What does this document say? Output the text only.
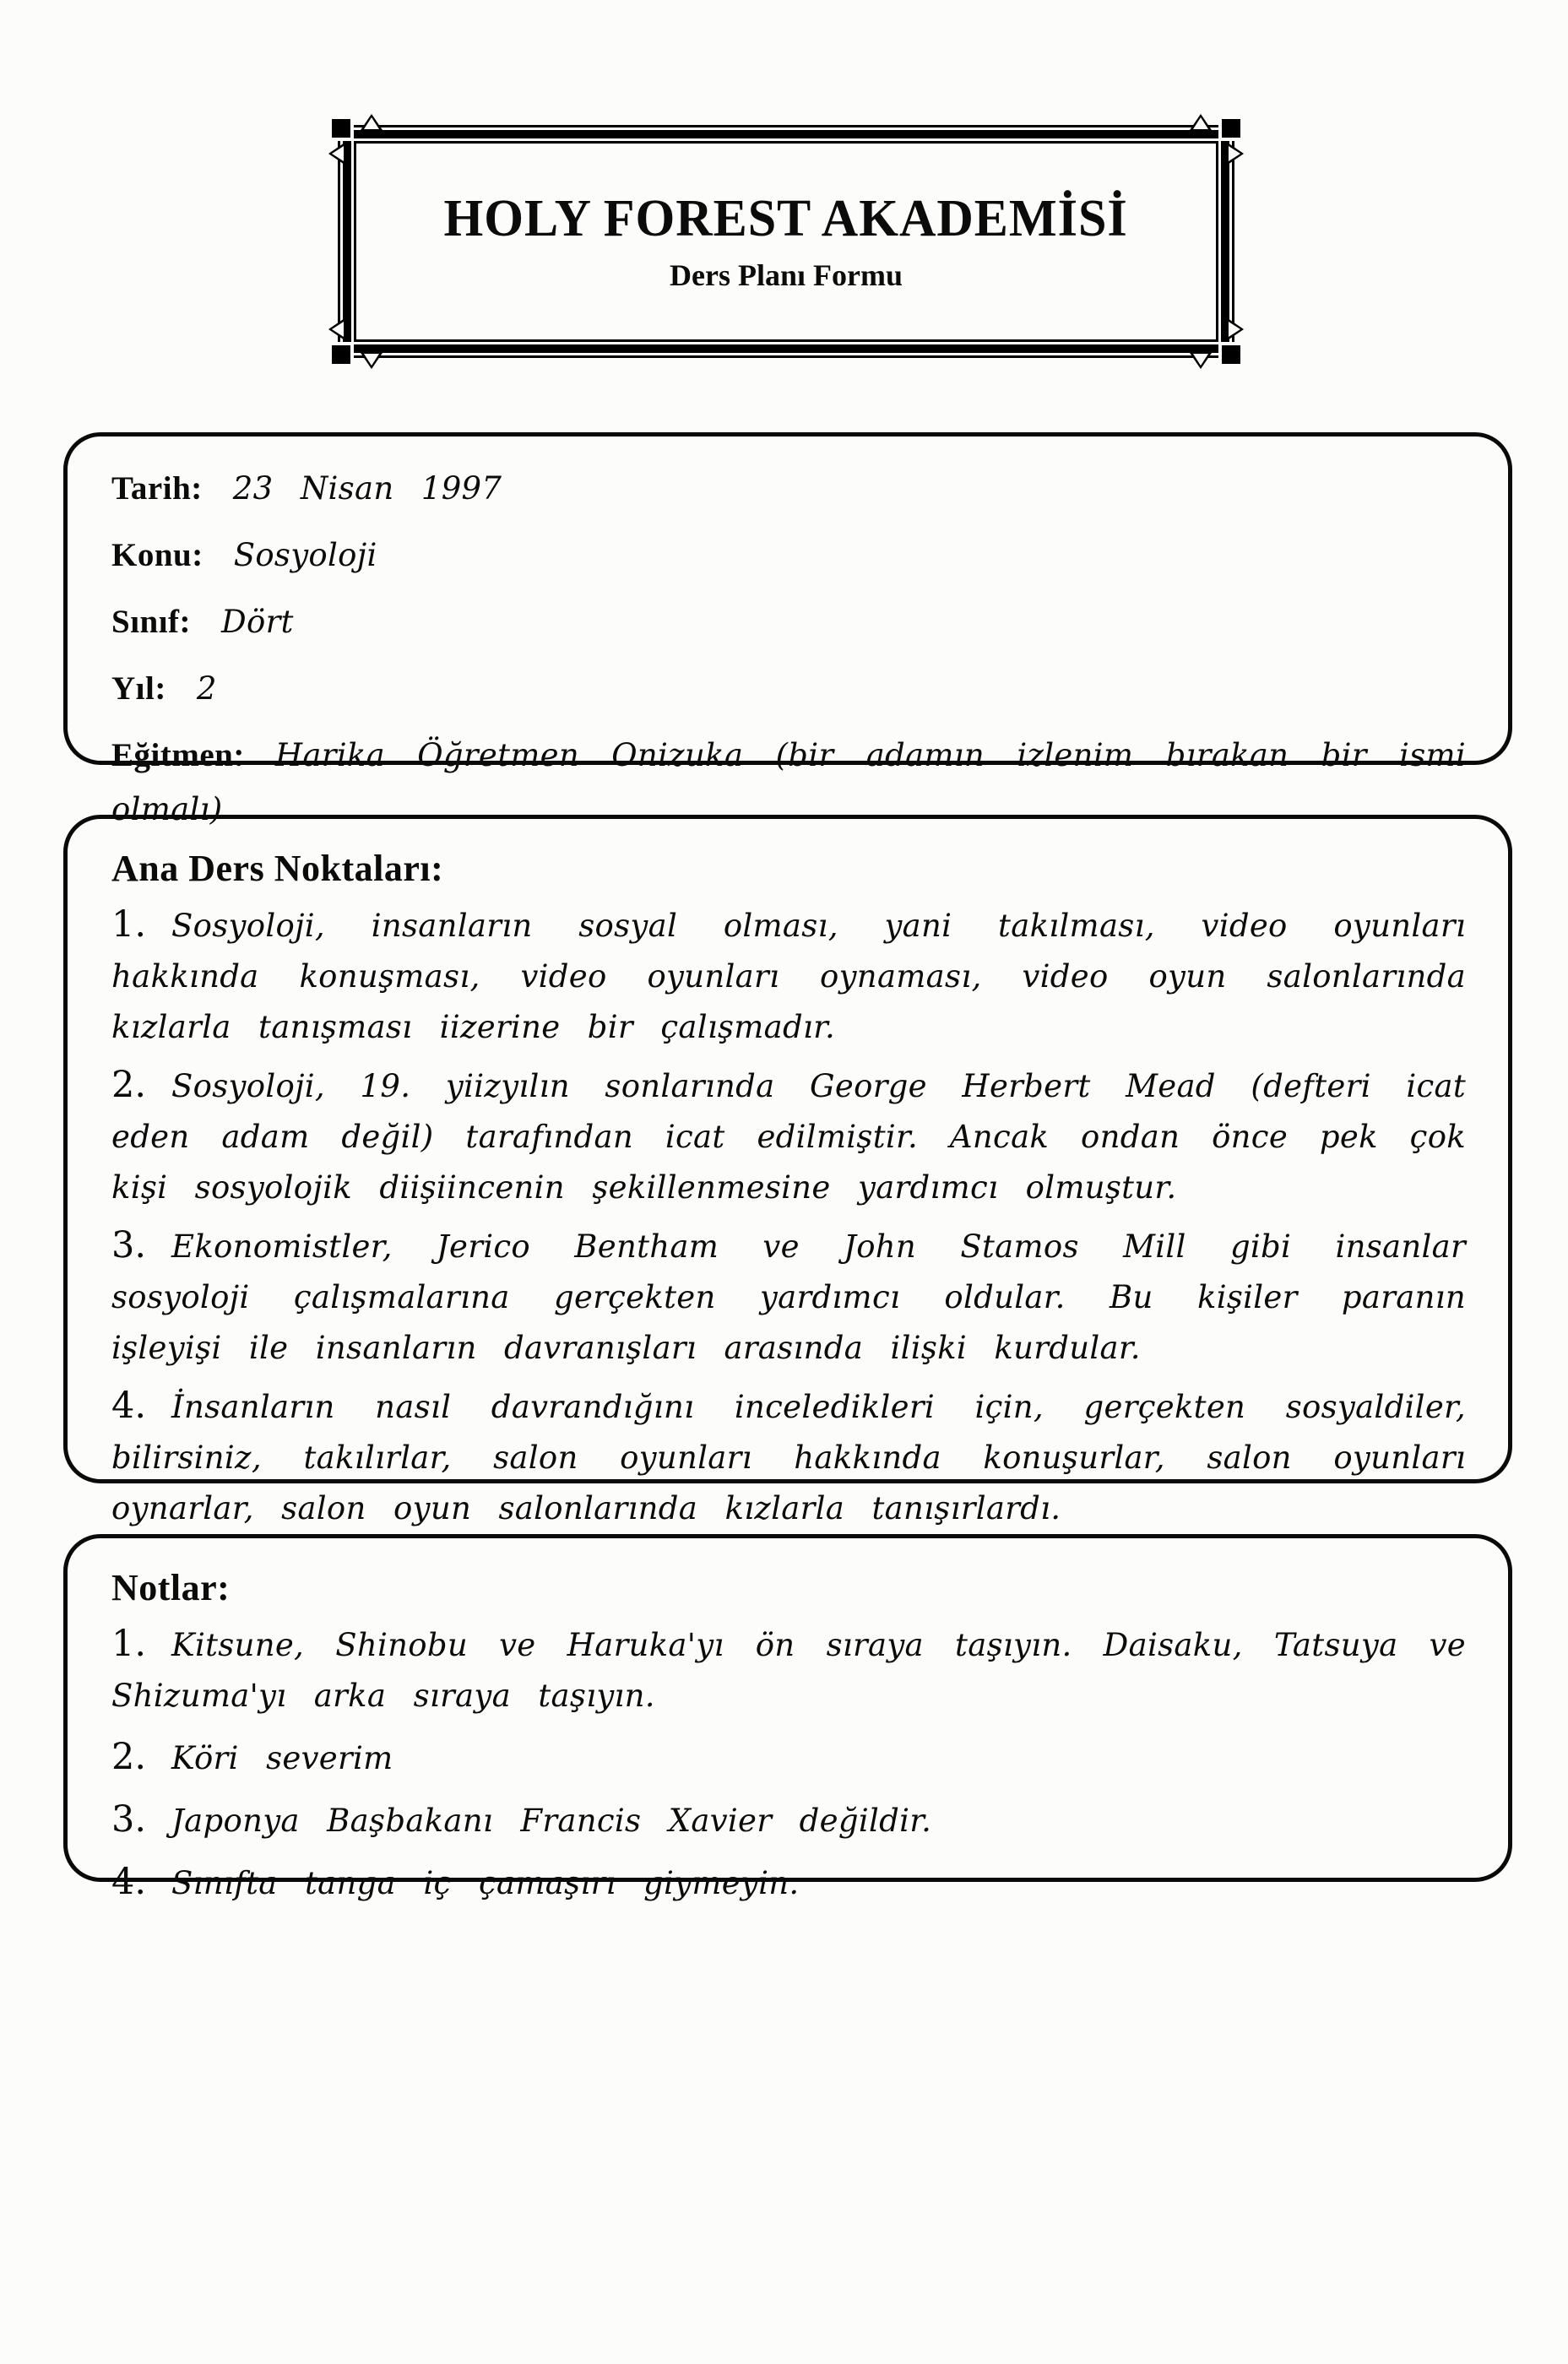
HOLY FOREST AKADEMİSİ
Ders Planı Formu

Tarih: 23 Nisan 1997

Konu: Sosyoloji

Sınıf: Dört

Yıl: 2

Eğitmen: Harika Öğretmen Onizuka (bir adamın izlenim bırakan bir ismi olmalı)

Ana Ders Noktaları:

1. Sosyoloji, insanların sosyal olması, yani takılması, video oyunları hakkında konuşması, video oyunları oynaması, video oyun salonlarında kızlarla tanışması iizerine bir çalışmadır.

2. Sosyoloji, 19. yiizyılın sonlarında George Herbert Mead (defteri icat eden adam değil) tarafından icat edilmiştir. Ancak ondan önce pek çok kişi sosyolojik diişiincenin şekillenmesine yardımcı olmuştur.

3. Ekonomistler, Jerico Bentham ve John Stamos Mill gibi insanlar sosyoloji çalışmalarına gerçekten yardımcı oldular. Bu kişiler paranın işleyişi ile insanların davranışları arasında ilişki kurdular.

4. İnsanların nasıl davrandığını inceledikleri için, gerçekten sosyaldiler, bilirsiniz, takılırlar, salon oyunları hakkında konuşurlar, salon oyunları oynarlar, salon oyun salonlarında kızlarla tanışırlardı.

Notlar:

1. Kitsune, Shinobu ve Haruka'yı ön sıraya taşıyın. Daisaku, Tatsuya ve Shizuma'yı arka sıraya taşıyın.

2. Köri severim

3. Japonya Başbakanı Francis Xavier değildir.

4. Sınıfta tanga iç çamaşırı giymeyin.
